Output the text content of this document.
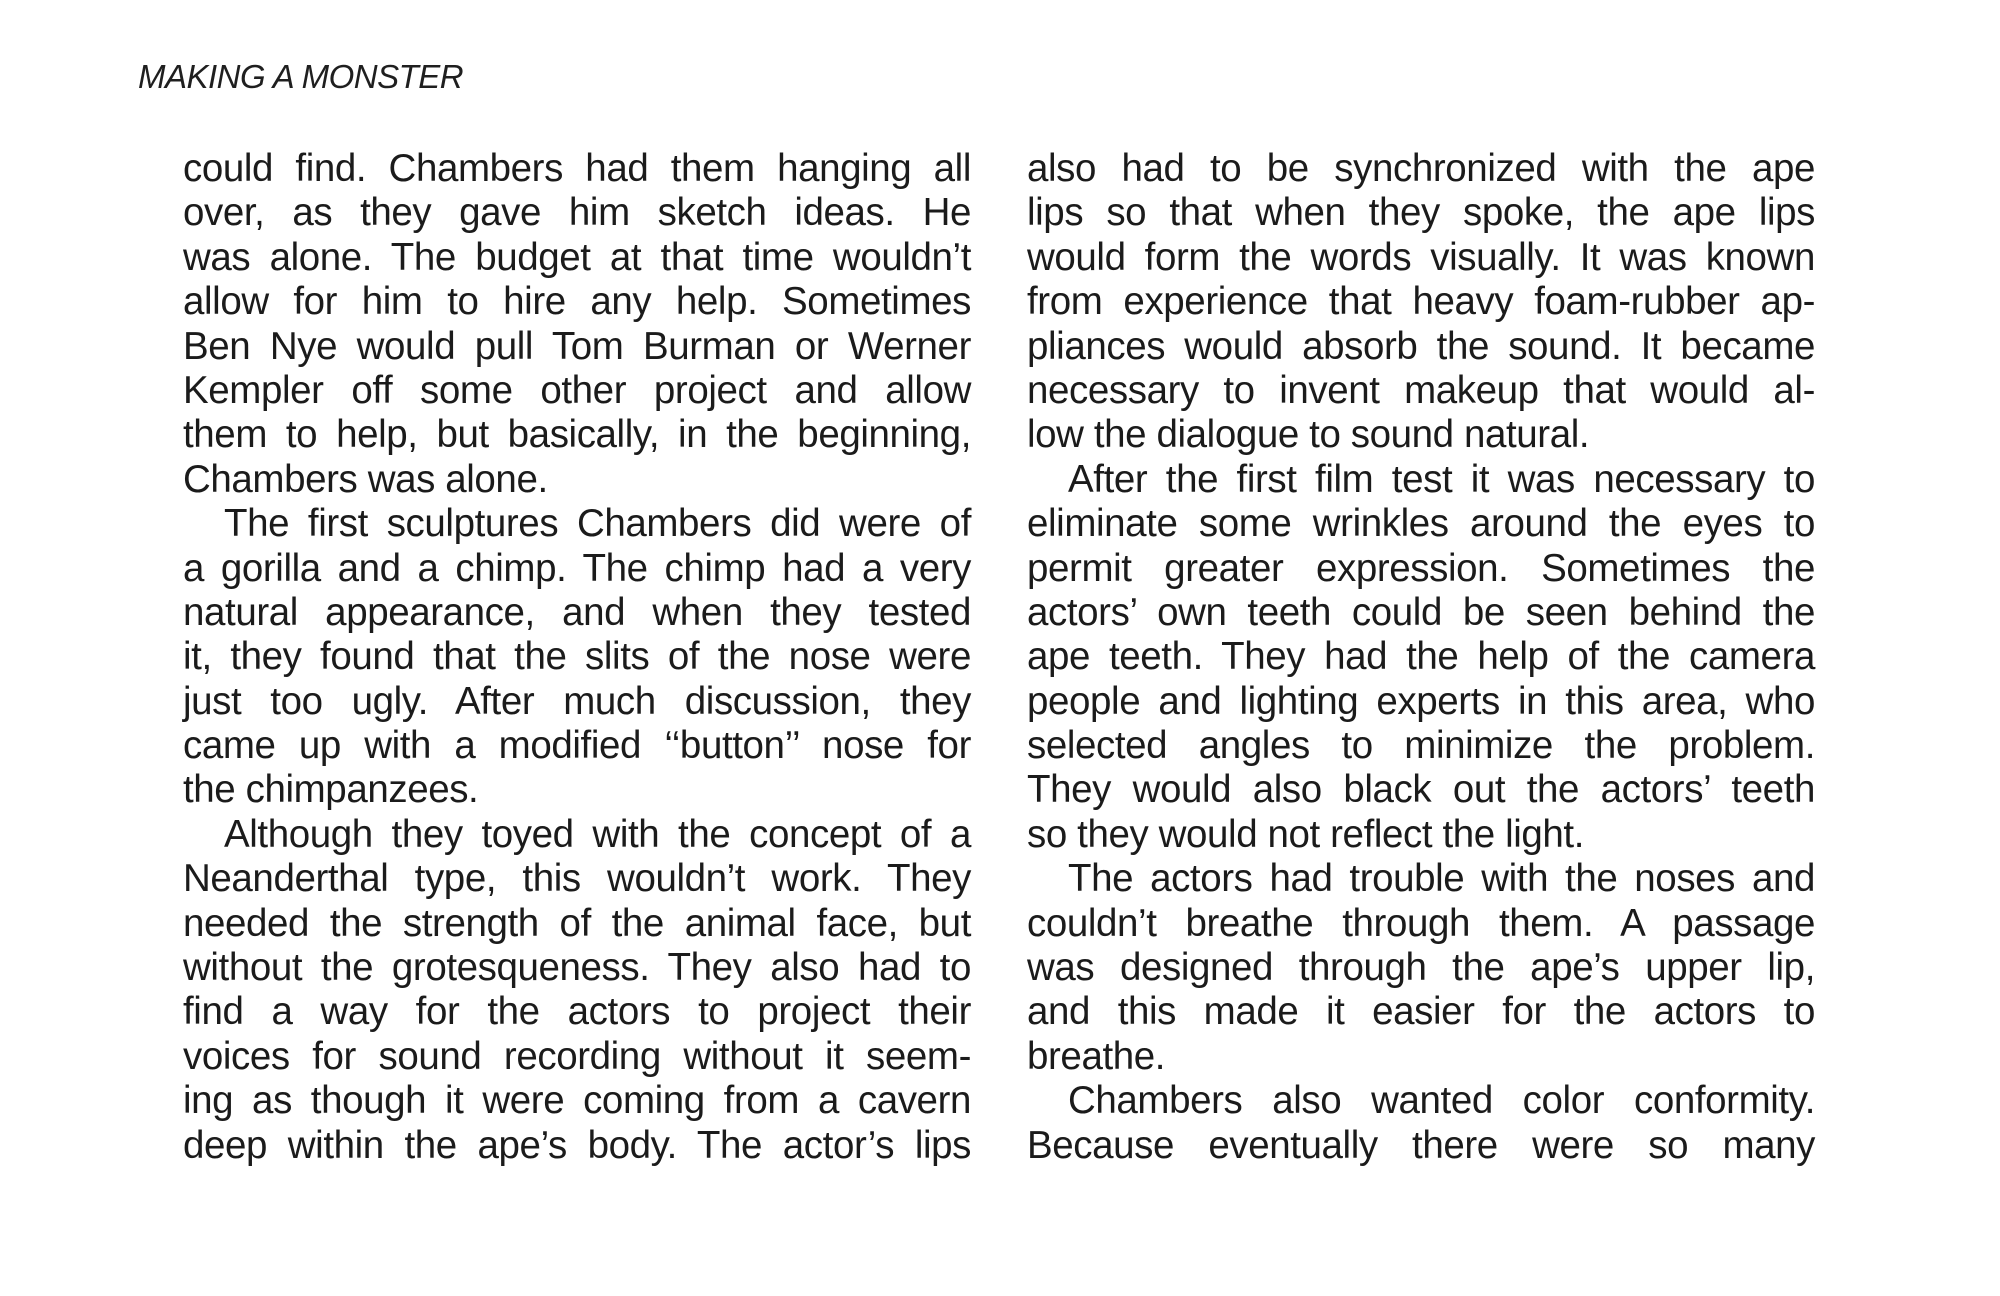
MAKING A MONSTER
could find. Chambers had them hanging all
over, as they gave him sketch ideas. He
was alone. The budget at that time wouldn’t
allow for him to hire any help. Sometimes
Ben Nye would pull Tom Burman or Werner
Kempler off some other project and allow
them to help, but basically, in the beginning,
Chambers was alone.
The first sculptures Chambers did were of
a gorilla and a chimp. The chimp had a very
natural appearance, and when they tested
it, they found that the slits of the nose were
just too ugly. After much discussion, they
came up with a modified ‘‘button’’ nose for
the chimpanzees.
Although they toyed with the concept of a
Neanderthal type, this wouldn’t work. They
needed the strength of the animal face, but
without the grotesqueness. They also had to
find a way for the actors to project their
voices for sound recording without it seem-
ing as though it were coming from a cavern
deep within the ape’s body. The actor’s lips
also had to be synchronized with the ape
lips so that when they spoke, the ape lips
would form the words visually. It was known
from experience that heavy foam-rubber ap-
pliances would absorb the sound. It became
necessary to invent makeup that would al-
low the dialogue to sound natural.
After the first film test it was necessary to
eliminate some wrinkles around the eyes to
permit greater expression. Sometimes the
actors’ own teeth could be seen behind the
ape teeth. They had the help of the camera
people and lighting experts in this area, who
selected angles to minimize the problem.
They would also black out the actors’ teeth
so they would not reflect the light.
The actors had trouble with the noses and
couldn’t breathe through them. A passage
was designed through the ape’s upper lip,
and this made it easier for the actors to
breathe.
Chambers also wanted color conformity.
Because eventually there were so many
